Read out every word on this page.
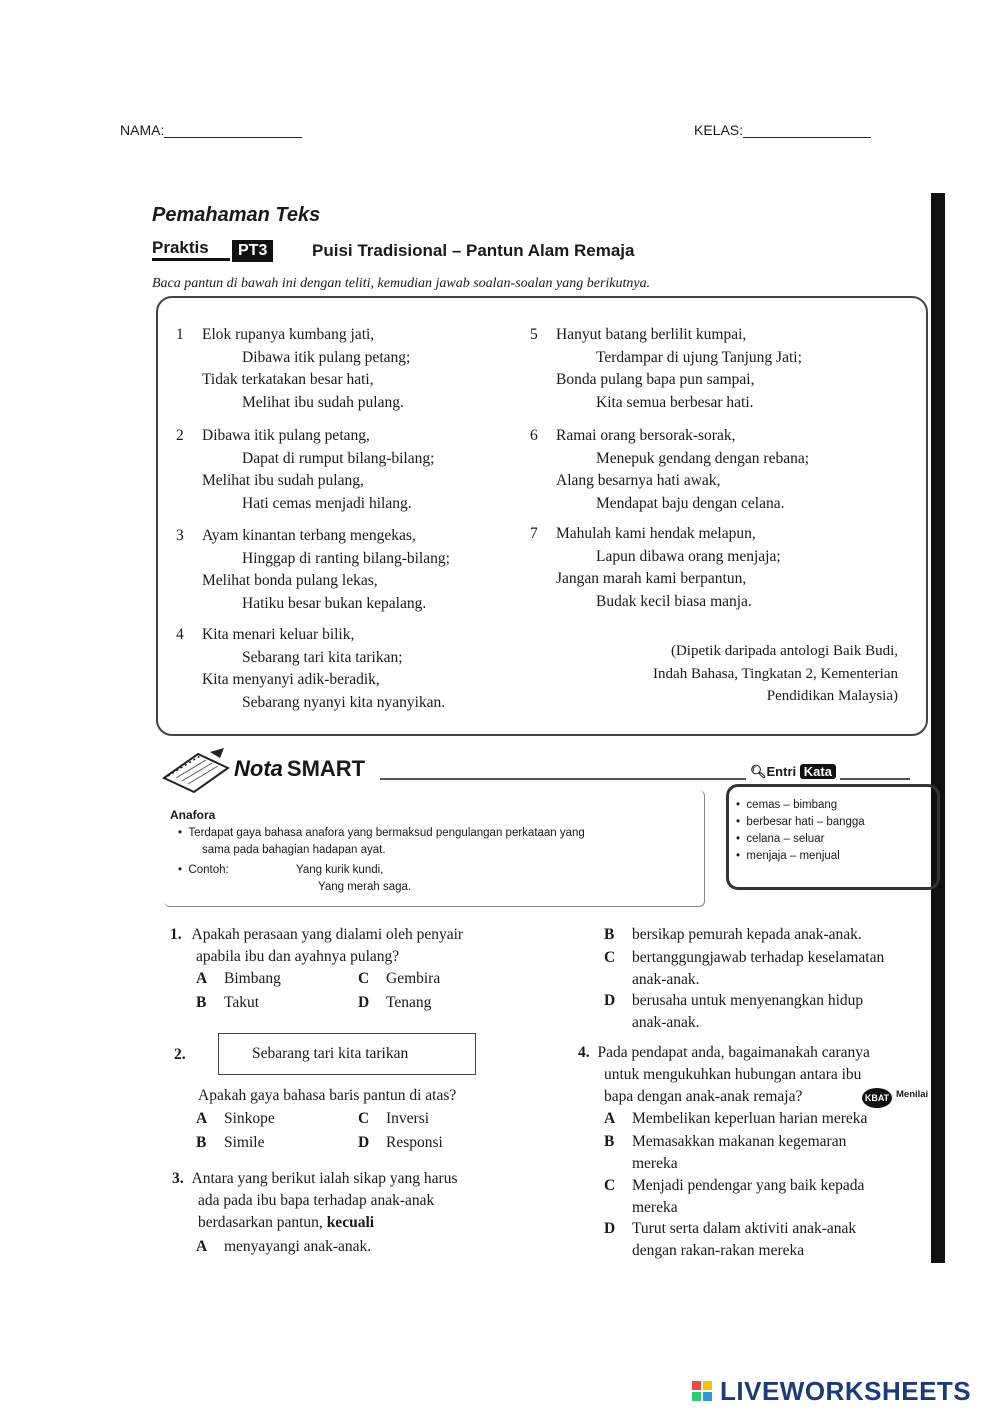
NAMA:	KELAS:
Pemahaman Teks
Praktis	PT3	Puisi Tradisional – Pantun Alam Remaja
Baca pantun di bawah ini dengan teliti, kemudian jawab soalan-soalan yang berikutnya.
1 Elok rupanya kumbang jati,
Dibawa itik pulang petang;
Tidak terkatakan besar hati,
Melihat ibu sudah pulang.
2 Dibawa itik pulang petang,
Dapat di rumput bilang-bilang;
Melihat ibu sudah pulang,
Hati cemas menjadi hilang.
3 Ayam kinantan terbang mengekas,
Hinggap di ranting bilang-bilang;
Melihat bonda pulang lekas,
Hatiku besar bukan kepalang.
4 Kita menari keluar bilik,
Sebarang tari kita tarikan;
Kita menyanyi adik-beradik,
Sebarang nyanyi kita nyanyikan.
5 Hanyut batang berlilit kumpai,
Terdampar di ujung Tanjung Jati;
Bonda pulang bapa pun sampai,
Kita semua berbesar hati.
6 Ramai orang bersorak-sorak,
Menepuk gendang dengan rebana;
Alang besarnya hati awak,
Mendapat baju dengan celana.
7 Mahulah kami hendak melapun,
Lapun dibawa orang menjaja;
Jangan marah kami berpantun,
Budak kecil biasa manja.
(Dipetik daripada antologi Baik Budi,
Indah Bahasa, Tingkatan 2, Kementerian
Pendidikan Malaysia)
Nota SMART
Anafora
•  Terdapat gaya bahasa anafora yang bermaksud pengulangan perkataan yang
sama pada bahagian hadapan ayat.
•  Contoh:	Yang kurik kundi,
Yang merah saga.
🔍︎Entri Kata
•  cemas – bimbang
•  berbesar hati – bangga
•  celana – seluar
•  menjaja – menjual
1. Apakah perasaan yang dialami oleh penyair
apabila ibu dan ayahnya pulang?
A Bimbang	C Gembira
B Takut	D Tenang
2.	Sebarang tari kita tarikan
Apakah gaya bahasa baris pantun di atas?
A Sinkope	C Inversi
B Simile	D Responsi
3. Antara yang berikut ialah sikap yang harus
ada pada ibu bapa terhadap anak-anak
berdasarkan pantun, kecuali
A menyayangi anak-anak.
B bersikap pemurah kepada anak-anak.
C bertanggungjawab terhadap keselamatan
anak-anak.
D berusaha untuk menyenangkan hidup
anak-anak.
4. Pada pendapat anda, bagaimanakah caranya
untuk mengukuhkan hubungan antara ibu
bapa dengan anak-anak remaja?	KBAT Menilai
A Membelikan keperluan harian mereka
B Memasakkan makanan kegemaran
mereka
C Menjadi pendengar yang baik kepada
mereka
D Turut serta dalam aktiviti anak-anak
dengan rakan-rakan mereka
LIVEWORKSHEETS
